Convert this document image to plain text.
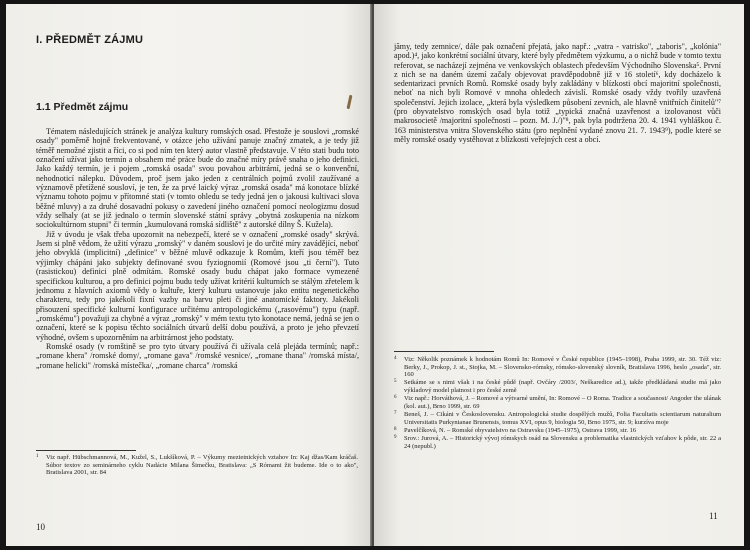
I. PŘEDMĚT ZÁJMU
1.1 Předmět zájmu

Tématem následujících stránek je analýza kultury romských osad. Přestože je souslovi „romské osady" poměrně hojně frekventované, v otázce jeho užívání panuje značný zmatek, a je tedy již téměř nemožné zjistit a říci, co si pod ním ten který autor vlastně představuje. V této stati budu toto označení užívat jako termín a obsahem mé práce bude do značné míry právě snaha o jeho definici. Jako každý termín, je i pojem „romská osada" svou povahou arbitrární, jedná se o konvenční, nehodnoticí nálepku. Důvodem, proč jsem jako jeden z centrálních pojmů zvolil zaužívané a významově přetížené sousloví, je ten, že za prvé laický výraz „romská osada" má konotace blízké významu tohoto pojmu v přítomné stati (v tomto ohledu se tedy jedná jen o jakousi kultivaci slova běžné mluvy) a za druhé dosavadní pokusy o zavedení jiného označení pomocí neologizmu dosud vždy selhaly (at se již jednalo o termín slovenské státní správy „obytná zoskupenia na nízkom sociokultúrnom stupni" či termín „kumulovaná romská sídliště" z autorské dílny Š. Kužela).

Již v úvodu je však třeba upozornit na nebezpečí, které se v označení „romské osady" skrývá. Jsem si plně vědom, že užití výrazu „romský" v daném sousloví je do určité míry zavádějící, neboť jeho obvyklá (implicitní) „definice" v běžné mluvě odkazuje k Romům, kteří jsou téměř bez výjimky chápáni jako subjekty definované svou fyziognomií (Romové jsou „ti černí"). Tuto (rasistickou) definici plně odmítám. Romské osady budu chápat jako formace vymezené specifickou kulturou, a pro definici pojmu budu tedy užívat kritérií kulturních se stálým zřetelem k jednomu z hlavních axiomů vědy o kultuře, který kulturu ustanovuje jako entitu negenetického charakteru, tedy pro jakékoli fixní vazby na barvu pleti či jiné anatomické faktory. Jakékoli přisouzení specifické kulturní konfigurace určitému antropologickému („rasovému") typu (např. „romskému") považuji za chybné a výraz „romský" v mém textu tyto konotace nemá, jedná se jen o označení, které se k popisu těchto sociálních útvarů delší dobu používá, a proto je jeho převzetí výhodné, ovšem s upozorněním na arbitrárnost jeho podstaty.

Romské osady (v romštině se pro tyto útvary používá či užívala celá plejáda termínů; např.: „romane khera" /romské domy/, „romane gava" /romské vesnice/, „romane thana" /romská místa/, „romane helicki" /romská místečka/, „romane charca" /romská

1 Viz např. Hübschmannová, M., Kužel, S., Lukšíková, P. – Výkumy mezietnických vztahov In: Kaj džas/Kam kráčaš. Súbor textov zo seminárneho cyklu Nadácie Milana Šimečku, Bratislava: „S Rómami žit budeme. Ide o to ako", Bratislava 2001, str. 84

10

jămy, tedy zemnice/, dále pak označení přejatá, jako např.: „vatra - vatrisko", „taboris", „kolónia" apod.)⁴, jako konkrétní sociální útvary, které byly předmětem výzkumu, a o nichž bude v tomto textu referovat, se nacházejí zejména ve venkovských oblastech především Východního Slovenska⁵. První z nich se na daném území začaly objevovat pravděpodobně již v 16 století⁶, kdy docházelo k sedentarizaci prvních Romů. Romské osady byly zakládány v blízkosti obcí majoritní společnosti, neboť na nich byli Romové v mnoha ohledech závislí. Romské osady vždy tvořily uzavřená společenství. Jejich izolace, „která byla výsledkem působení zevních, ale hlavně vnitřních činitelů"⁷ (pro obyvatelstvo romských osad byla totiž „typická značná uzavřenost a izolovanost vůči makrosocietě /majoritní společnosti – pozn. M. J./)"⁸, pak byla podtržena 20. 4. 1941 vyhláškou č. 163 ministerstva vnitra Slovenského státu (pro neplnění vydané znovu 21. 7. 1943⁹), podle které se měly romské osady vystěhovat z blízkosti veřejných cest a obcí.

4 Viz: Několik poznámek k hodnotám Romů In: Romové v České republice (1945–1998), Praha 1999, str. 30. Též viz: Berky, J., Prokop, J. st., Stojka, M. – Slovensko-rómsky, rómsko-slovenský slovník, Bratislava 1996, heslo „osada", str. 160

5 Setkáme se s nimi však i na české půdě (např. Ovčáry /2003/, Neškaredice ad.), takže předkládaná studie má jako výkladový model platnost i pro české země

6 Viz např.: Horváthová, J. – Romové a výtvarné umění, In: Romové – O Roma. Tradice a současnost/ Angoder the ulának (kol. aut.), Brno 1999, str. 69

7 Beneš, J. – Cikáni v Československu. Antropologická studie dospělých mužů, Folia Facultatis scientiarum naturalium Universitatis Purkynianae Brunensis, tomus XVI, opus 9, biologia 50, Brno 1975, str. 9; kurzíva moje

8 Pavelčíková, N. – Romské obyvatelstvo na Ostravsku (1945–1975), Ostrava 1999, str. 16

9 Srov.: Jurová, A. – Historický vývoj rómskych osád na Slovensku a problematika vlastnických vzťahov k pôde, str. 22 a 24 (nepubl.)

11
